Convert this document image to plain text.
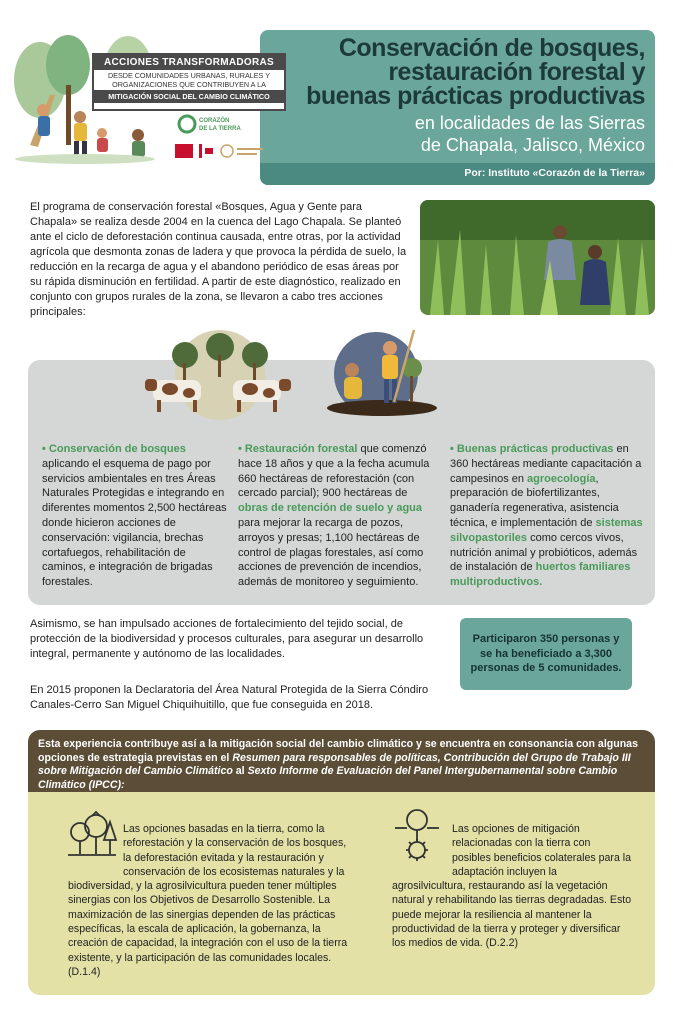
ACCIONES TRANSFORMADORAS
DESDE COMUNIDADES URBANAS, RURALES Y ORGANIZACIONES QUE CONTRIBUYEN A LA
MITIGACIÓN SOCIAL DEL CAMBIO CLIMÁTICO
CORAZÓN
DE LA TIERRA
Conservación de bosques,
restauración forestal y
buenas prácticas productivas
en localidades de las Sierras
de Chapala, Jalisco, México
Por: Instituto «Corazón de la Tierra»

El programa de conservación forestal «Bosques, Agua y Gente para Chapala» se realiza desde 2004 en la cuenca del Lago Chapala. Se planteó ante el ciclo de deforestación continua causada, entre otras, por la actividad agrícola que desmonta zonas de ladera y que provoca la pérdida de suelo, la reducción en la recarga de agua y el abandono periódico de esas áreas por su rápida disminución en fertilidad. A partir de este diagnóstico, realizado en conjunto con grupos rurales de la zona, se llevaron a cabo tres acciones principales:

• Conservación de bosques aplicando el esquema de pago por servicios ambientales en tres Áreas Naturales Protegidas e integrando en diferentes momentos 2,500 hectáreas donde hicieron acciones de conservación: vigilancia, brechas cortafuegos, rehabilitación de caminos, e integración de brigadas forestales.
• Restauración forestal que comenzó hace 18 años y que a la fecha acumula 660 hectáreas de reforestación (con cercado parcial); 900 hectáreas de obras de retención de suelo y agua para mejorar la recarga de pozos, arroyos y presas; 1,100 hectáreas de control de plagas forestales, así como acciones de prevención de incendios, además de monitoreo y seguimiento.
• Buenas prácticas productivas en 360 hectáreas mediante capacitación a campesinos en agroecología, preparación de biofertilizantes, ganadería regenerativa, asistencia técnica, e implementación de sistemas silvopastoriles como cercos vivos, nutrición animal y probióticos, además de instalación de huertos familiares multiproductivos.

Asimismo, se han impulsado acciones de fortalecimiento del tejido social, de protección de la biodiversidad y procesos culturales, para asegurar un desarrollo integral, permanente y autónomo de las localidades.

En 2015 proponen la Declaratoria del Área Natural Protegida de la Sierra Cóndiro Canales-Cerro San Miguel Chiquihuitillo, que fue conseguida en 2018.

Participaron 350 personas y se ha beneficiado a 3,300 personas de 5 comunidades.
Esta experiencia contribuye así a la mitigación social del cambio climático y se encuentra en consonancia con algunas opciones de estrategia previstas en el Resumen para responsables de políticas, Contribución del Grupo de Trabajo III sobre Mitigación del Cambio Climático al Sexto Informe de Evaluación del Panel Intergubernamental sobre Cambio Climático (IPCC):
Las opciones basadas en la tierra, como la reforestación y la conservación de los bosques, la deforestación evitada y la restauración y conservación de los ecosistemas naturales y la biodiversidad, y la agrosilvicultura pueden tener múltiples sinergias con los Objetivos de Desarrollo Sostenible. La maximización de las sinergias dependen de las prácticas específicas, la escala de aplicación, la gobernanza, la creación de capacidad, la integración con el uso de la tierra existente, y la participación de las comunidades locales. (D.1.4)
Las opciones de mitigación relacionadas con la tierra con posibles beneficios colaterales para la adaptación incluyen la agrosilvicultura, restaurando así la vegetación natural y rehabilitando las tierras degradadas. Esto puede mejorar la resiliencia al mantener la productividad de la tierra y proteger y diversificar los medios de vida. (D.2.2)
